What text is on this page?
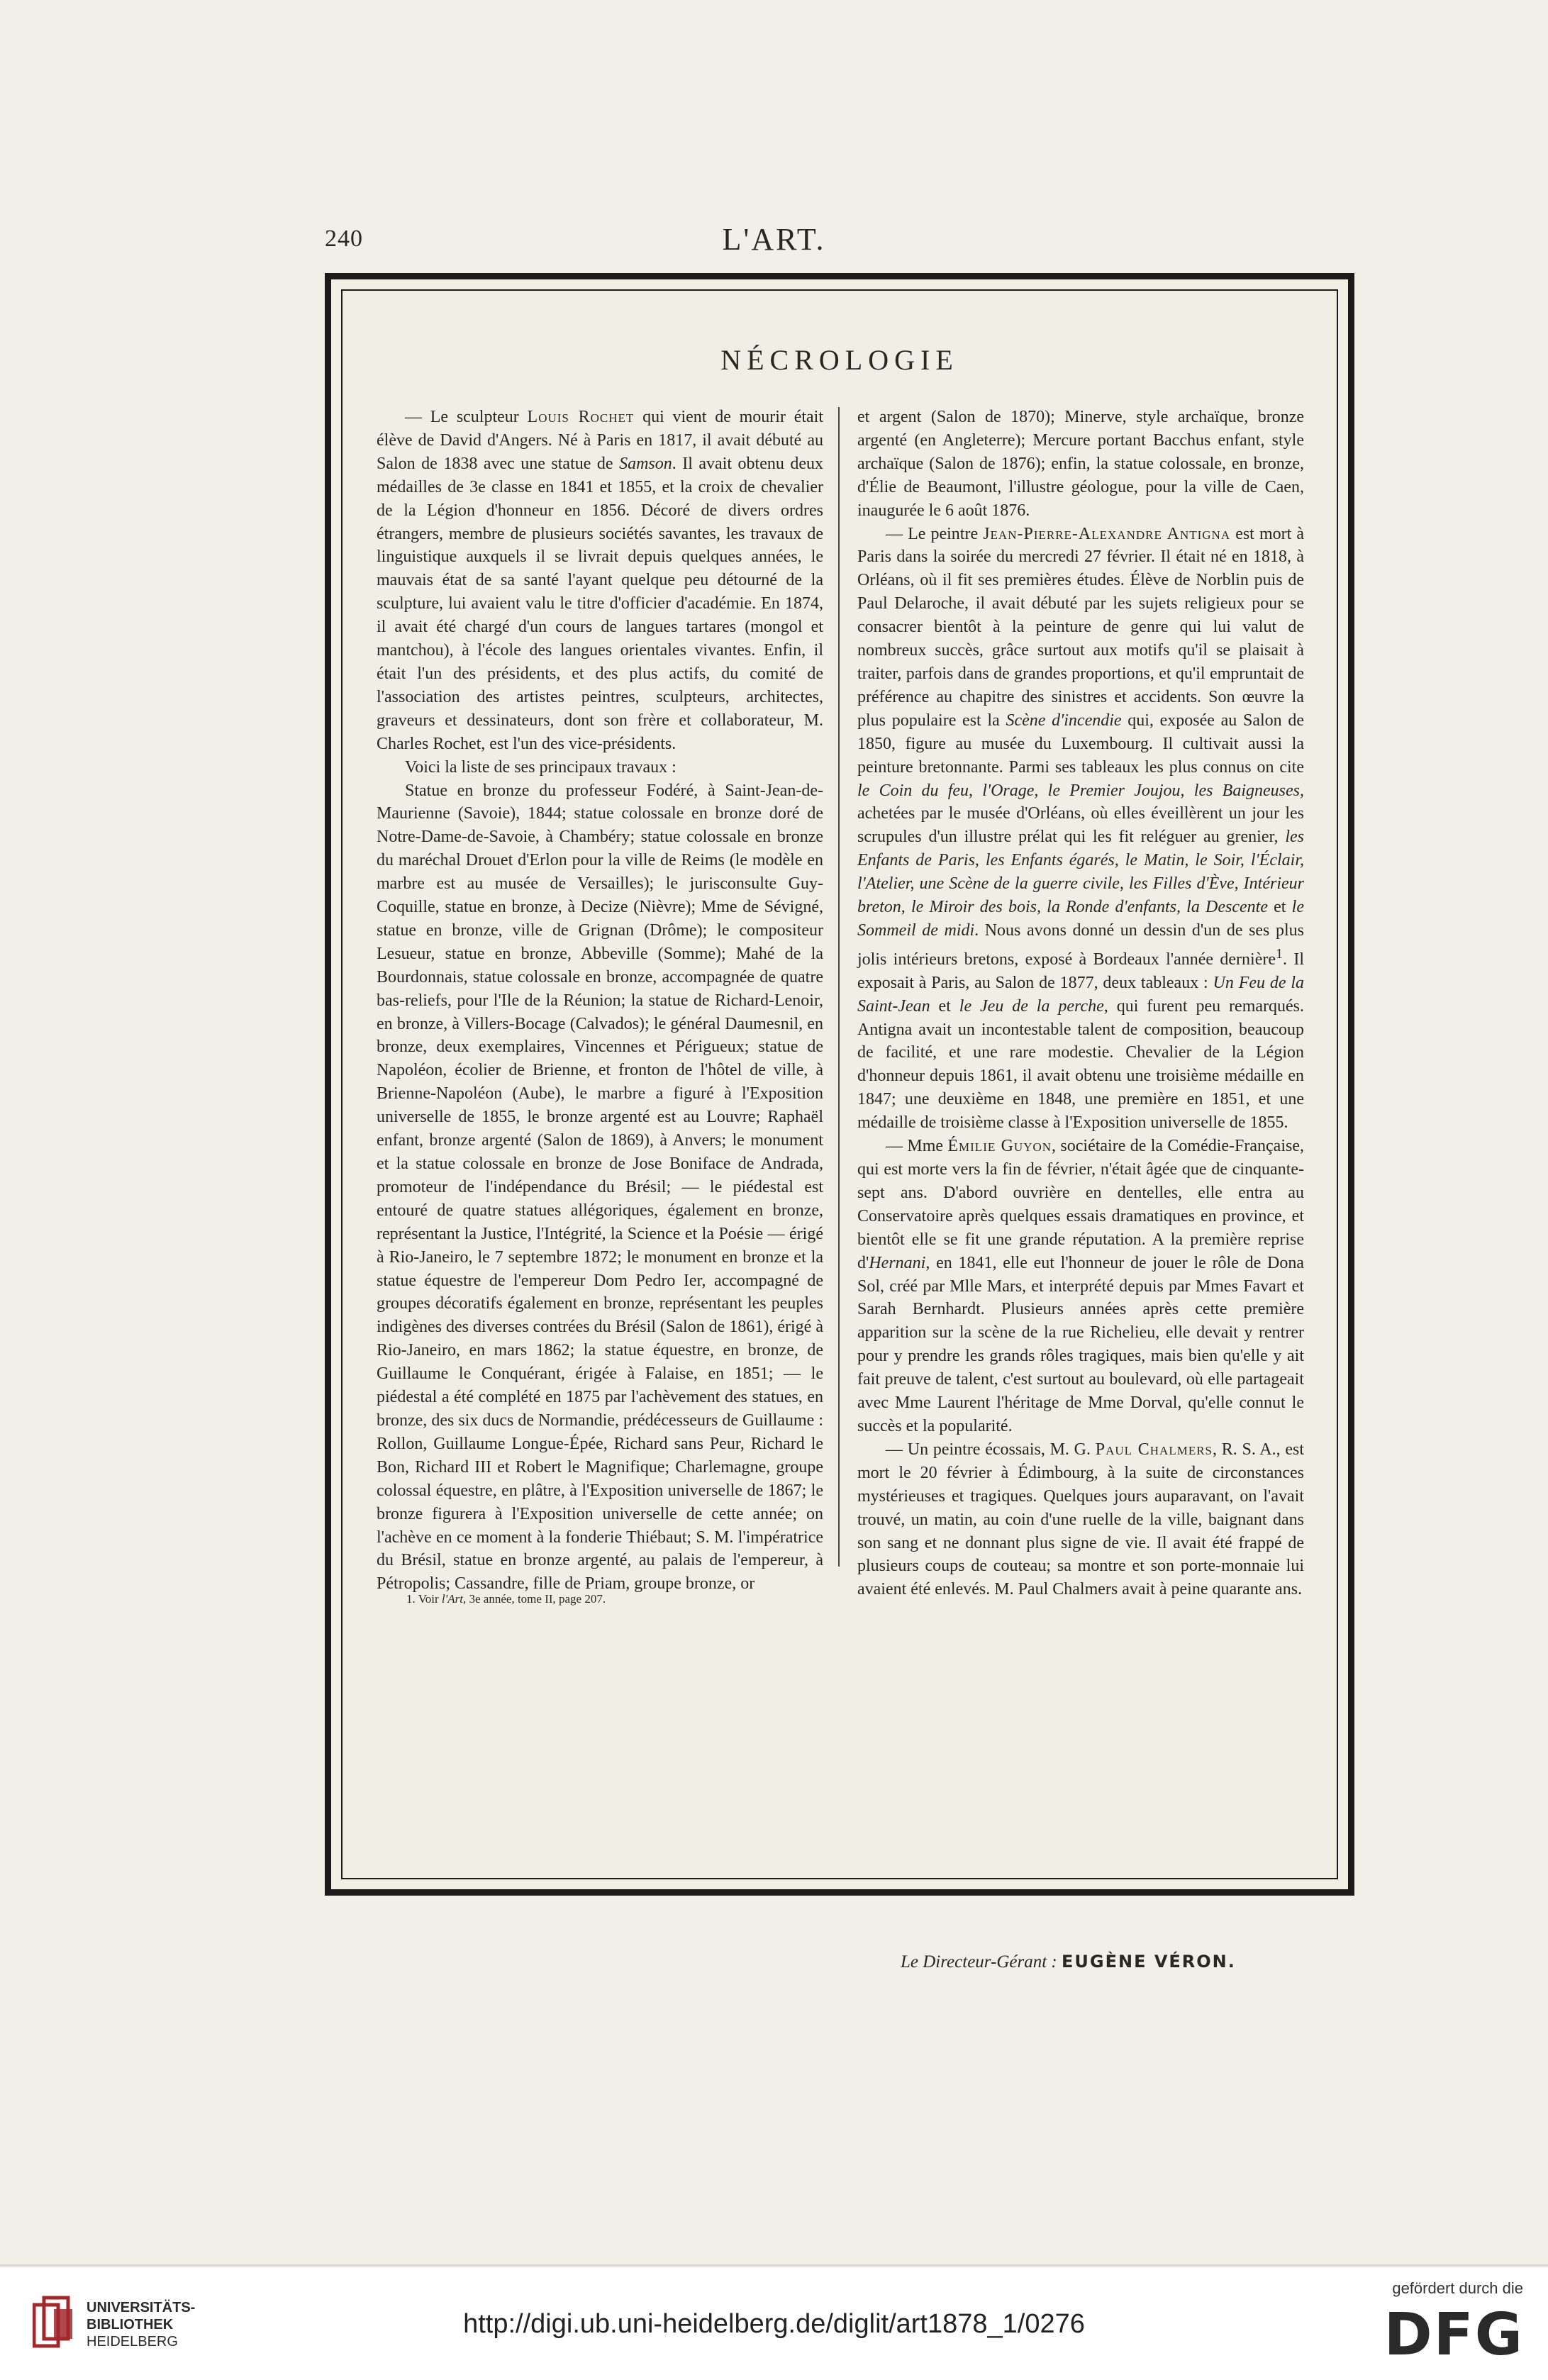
240	L'ART.
NÉCROLOGIE

— Le sculpteur Louis Rochet qui vient de mourir était élève de David d'Angers. Né à Paris en 1817, il avait débuté au Salon de 1838 avec une statue de Samson. Il avait obtenu deux médailles de 3e classe en 1841 et 1855, et la croix de chevalier de la Légion d'honneur en 1856. Décoré de divers ordres étrangers, membre de plusieurs sociétés savantes, les travaux de linguistique auxquels il se livrait depuis quelques années, le mauvais état de sa santé l'ayant quelque peu détourné de la sculpture, lui avaient valu le titre d'officier d'académie. En 1874, il avait été chargé d'un cours de langues tartares (mongol et mantchou), à l'école des langues orientales vivantes. Enfin, il était l'un des présidents, et des plus actifs, du comité de l'association des artistes peintres, sculpteurs, architectes, graveurs et dessinateurs, dont son frère et collaborateur, M. Charles Rochet, est l'un des vice-présidents.

Voici la liste de ses principaux travaux :

Statue en bronze du professeur Fodéré, à Saint-Jean-de-Maurienne (Savoie), 1844; statue colossale en bronze doré de Notre-Dame-de-Savoie, à Chambéry; statue colossale en bronze du maréchal Drouet d'Erlon pour la ville de Reims (le modèle en marbre est au musée de Versailles); le jurisconsulte Guy-Coquille, statue en bronze, à Decize (Nièvre); Mme de Sévigné, statue en bronze, ville de Grignan (Drôme); le compositeur Lesueur, statue en bronze, Abbeville (Somme); Mahé de la Bourdonnais, statue colossale en bronze, accompagnée de quatre bas-reliefs, pour l'Ile de la Réunion; la statue de Richard-Lenoir, en bronze, à Villers-Bocage (Calvados); le général Daumesnil, en bronze, deux exemplaires, Vincennes et Périgueux; statue de Napoléon, écolier de Brienne, et fronton de l'hôtel de ville, à Brienne-Napoléon (Aube), le marbre a figuré à l'Exposition universelle de 1855, le bronze argenté est au Louvre; Raphaël enfant, bronze argenté (Salon de 1869), à Anvers; le monument et la statue colossale en bronze de Jose Boniface de Andrada, promoteur de l'indépendance du Brésil; — le piédestal est entouré de quatre statues allégoriques, également en bronze, représentant la Justice, l'Intégrité, la Science et la Poésie — érigé à Rio-Janeiro, le 7 septembre 1872; le monument en bronze et la statue équestre de l'empereur Dom Pedro Ier, accompagné de groupes décoratifs également en bronze, représentant les peuples indigènes des diverses contrées du Brésil (Salon de 1861), érigé à Rio-Janeiro, en mars 1862; la statue équestre, en bronze, de Guillaume le Conquérant, érigée à Falaise, en 1851; — le piédestal a été complété en 1875 par l'achèvement des statues, en bronze, des six ducs de Normandie, prédécesseurs de Guillaume : Rollon, Guillaume Longue-Épée, Richard sans Peur, Richard le Bon, Richard III et Robert le Magnifique; Charlemagne, groupe colossal équestre, en plâtre, à l'Exposition universelle de 1867; le bronze figurera à l'Exposition universelle de cette année; on l'achève en ce moment à la fonderie Thiébaut; S. M. l'impératrice du Brésil, statue en bronze argenté, au palais de l'empereur, à Pétropolis; Cassandre, fille de Priam, groupe bronze, or

et argent (Salon de 1870); Minerve, style archaïque, bronze argenté (en Angleterre); Mercure portant Bacchus enfant, style archaïque (Salon de 1876); enfin, la statue colossale, en bronze, d'Élie de Beaumont, l'illustre géologue, pour la ville de Caen, inaugurée le 6 août 1876.

— Le peintre Jean-Pierre-Alexandre Antigna est mort à Paris dans la soirée du mercredi 27 février. Il était né en 1818, à Orléans, où il fit ses premières études. Élève de Norblin puis de Paul Delaroche, il avait débuté par les sujets religieux pour se consacrer bientôt à la peinture de genre qui lui valut de nombreux succès, grâce surtout aux motifs qu'il se plaisait à traiter, parfois dans de grandes proportions, et qu'il empruntait de préférence au chapitre des sinistres et accidents. Son œuvre la plus populaire est la Scène d'incendie qui, exposée au Salon de 1850, figure au musée du Luxembourg. Il cultivait aussi la peinture bretonnante. Parmi ses tableaux les plus connus on cite le Coin du feu, l'Orage, le Premier Joujou, les Baigneuses, achetées par le musée d'Orléans, où elles éveillèrent un jour les scrupules d'un illustre prélat qui les fit reléguer au grenier, les Enfants de Paris, les Enfants égarés, le Matin, le Soir, l'Éclair, l'Atelier, une Scène de la guerre civile, les Filles d'Ève, Intérieur breton, le Miroir des bois, la Ronde d'enfants, la Descente et le Sommeil de midi. Nous avons donné un dessin d'un de ses plus jolis intérieurs bretons, exposé à Bordeaux l'année dernière$^1$. Il exposait à Paris, au Salon de 1877, deux tableaux : Un Feu de la Saint-Jean et le Jeu de la perche, qui furent peu remarqués. Antigna avait un incontestable talent de composition, beaucoup de facilité, et une rare modestie. Chevalier de la Légion d'honneur depuis 1861, il avait obtenu une troisième médaille en 1847; une deuxième en 1848, une première en 1851, et une médaille de troisième classe à l'Exposition universelle de 1855.

— Mme Émilie Guyon, sociétaire de la Comédie-Française, qui est morte vers la fin de février, n'était âgée que de cinquante-sept ans. D'abord ouvrière en dentelles, elle entra au Conservatoire après quelques essais dramatiques en province, et bientôt elle se fit une grande réputation. A la première reprise d'Hernani, en 1841, elle eut l'honneur de jouer le rôle de Dona Sol, créé par Mlle Mars, et interprété depuis par Mmes Favart et Sarah Bernhardt. Plusieurs années après cette première apparition sur la scène de la rue Richelieu, elle devait y rentrer pour y prendre les grands rôles tragiques, mais bien qu'elle y ait fait preuve de talent, c'est surtout au boulevard, où elle partageait avec Mme Laurent l'héritage de Mme Dorval, qu'elle connut le succès et la popularité.

— Un peintre écossais, M. G. Paul Chalmers, R. S. A., est mort le 20 février à Édimbourg, à la suite de circonstances mystérieuses et tragiques. Quelques jours auparavant, on l'avait trouvé, un matin, au coin d'une ruelle de la ville, baignant dans son sang et ne donnant plus signe de vie. Il avait été frappé de plusieurs coups de couteau; sa montre et son porte-monnaie lui avaient été enlevés. M. Paul Chalmers avait à peine quarante ans.

1. Voir l'Art, 3e année, tome II, page 207.
Le Directeur-Gérant : EUGÈNE VÉRON.
UNIVERSITÄTS-
BIBLIOTHEK
HEIDELBERG
http://digi.ub.uni-heidelberg.de/diglit/art1878_1/0276
gefördert durch die
DFG
